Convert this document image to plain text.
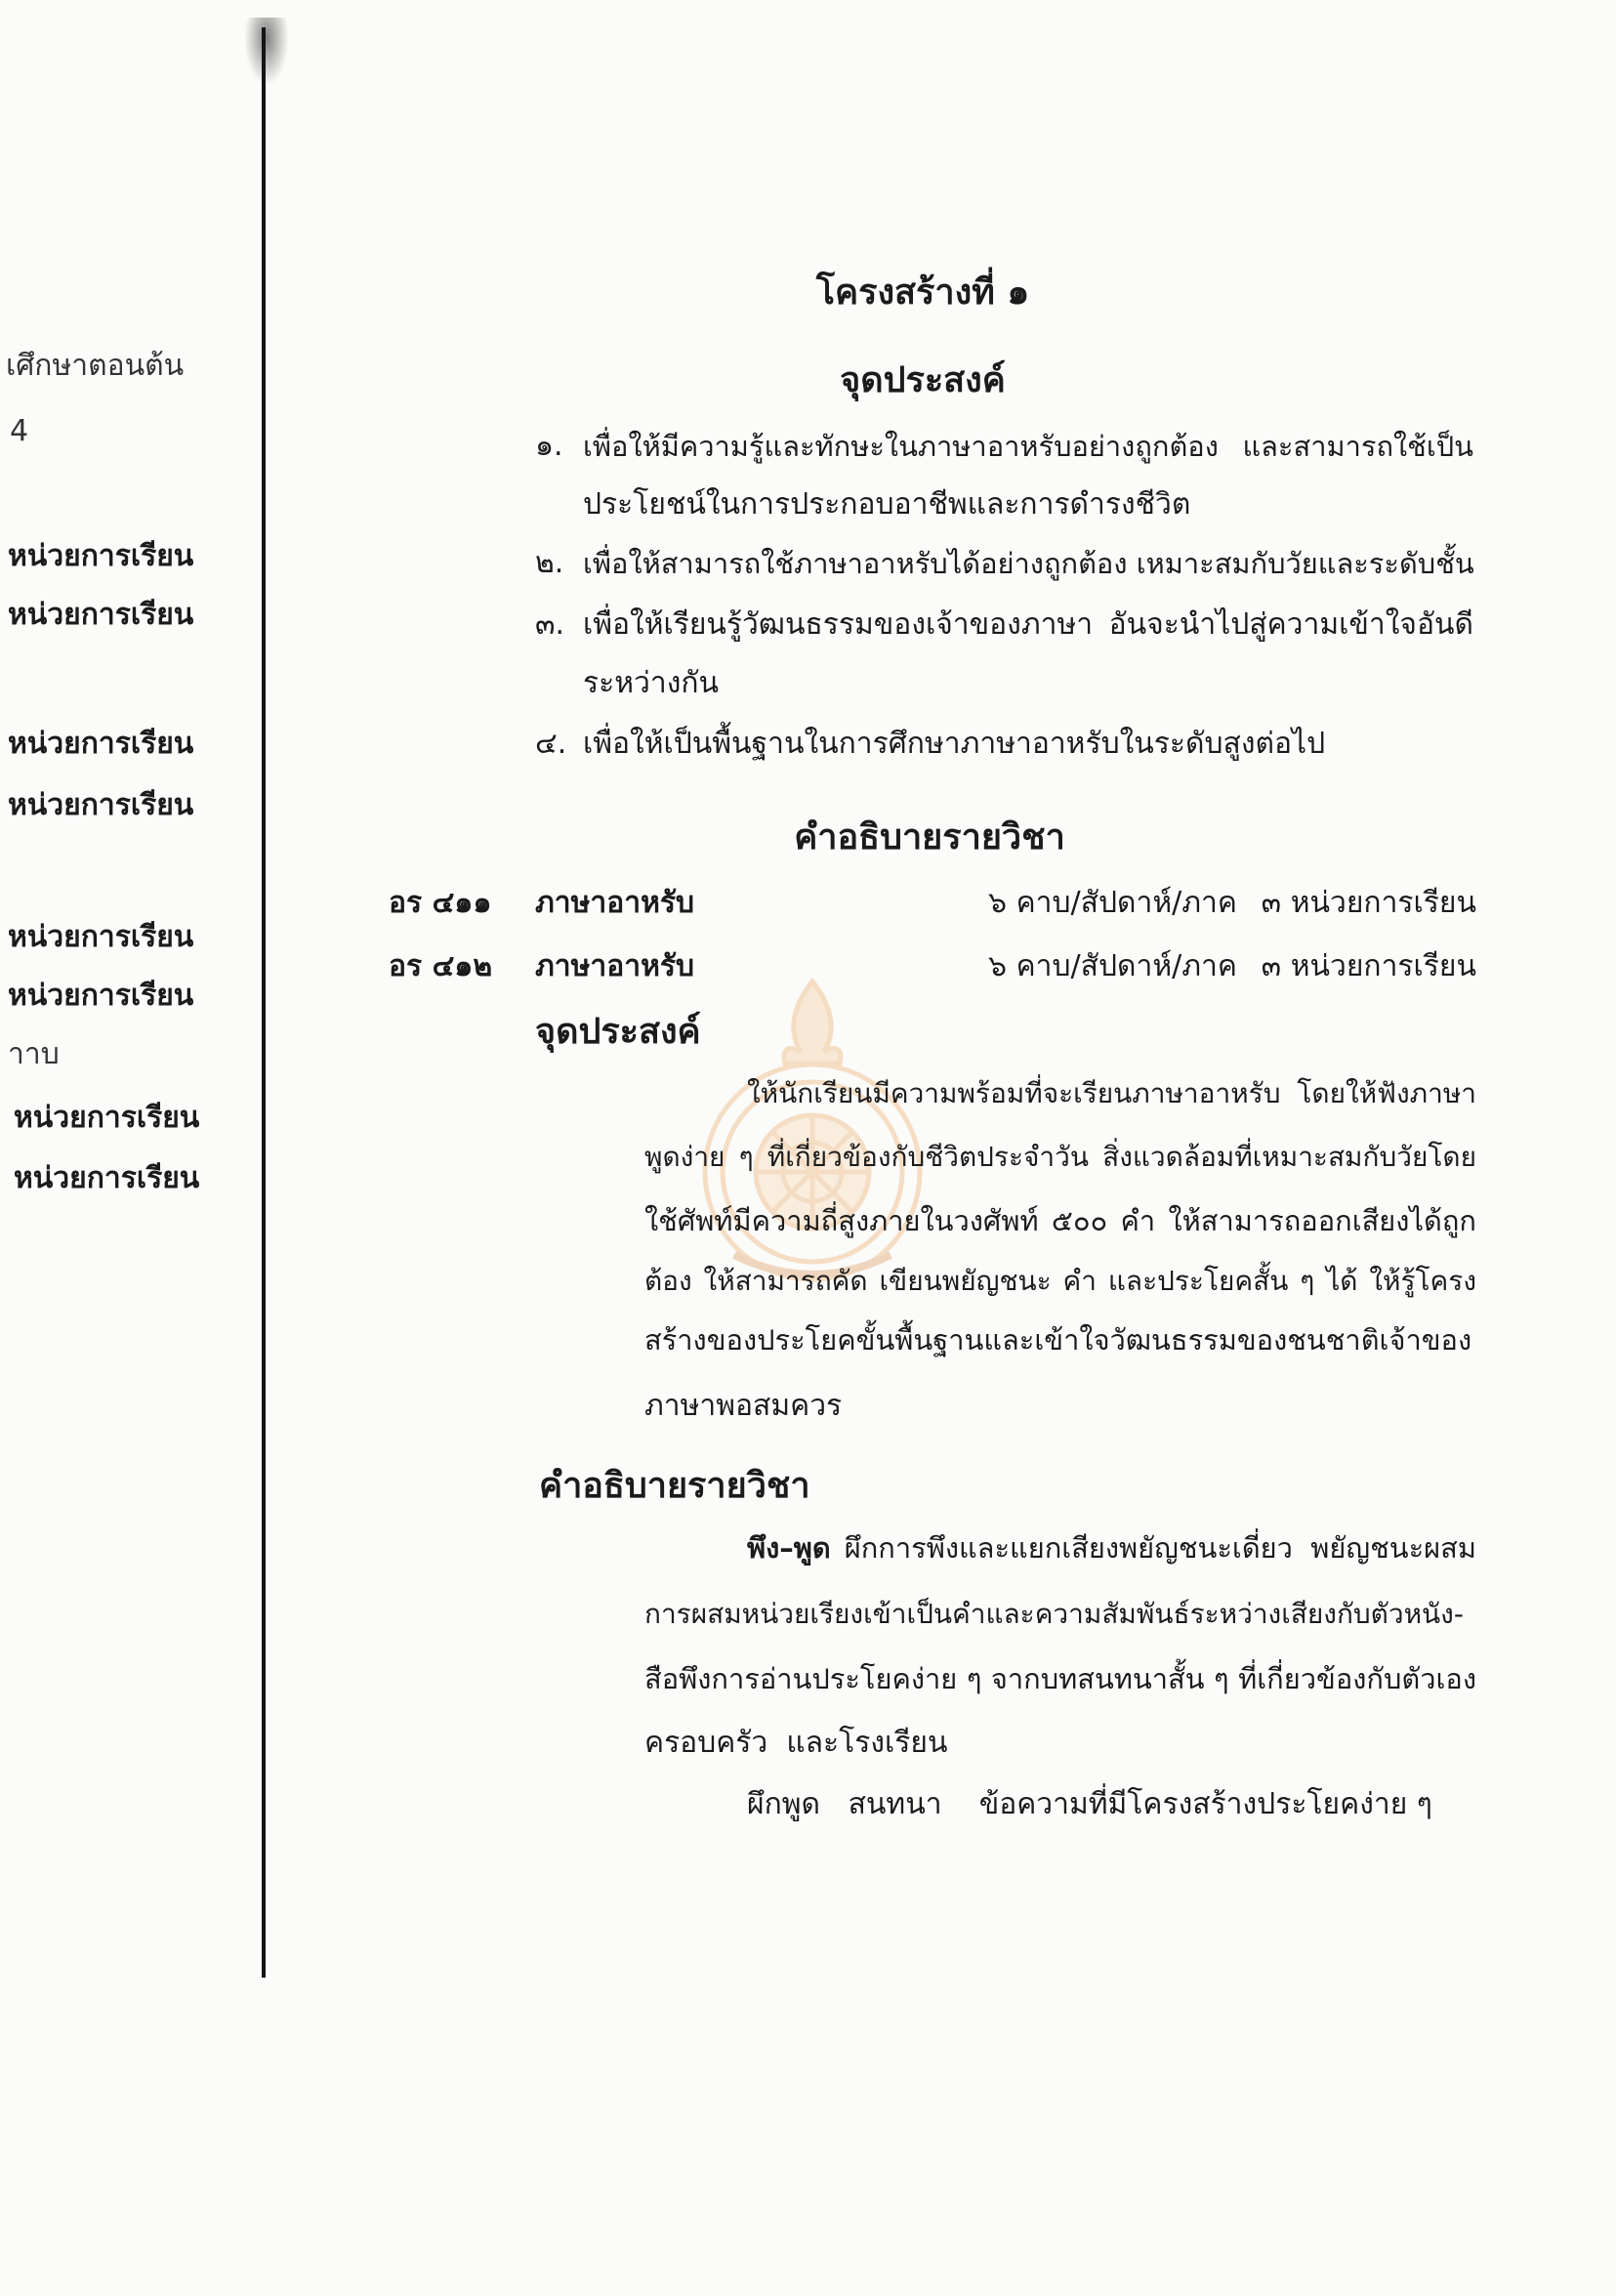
เศึกษาตอนต้น
4
หน่วยการเรียน
หน่วยการเรียน
หน่วยการเรียน
หน่วยการเรียน
หน่วยการเรียน
หน่วยการเรียน
าาบ
หน่วยการเรียน
หน่วยการเรียน
โครงสร้างที่ ๑
จุดประสงค์
๑. เพื่อให้มีความรู้และทักษะในภาษาอาหรับอย่างถูกต้อง และสามารถใช้เป็น
ประโยชน์ในการประกอบอาชีพและการดำรงชีวิต
๒. เพื่อให้สามารถใช้ภาษาอาหรับได้อย่างถูกต้อง เหมาะสมกับวัยและระดับชั้น
๓. เพื่อให้เรียนรู้วัฒนธรรมของเจ้าของภาษา อันจะนำไปสู่ความเข้าใจอันดี
ระหว่างกัน
๔. เพื่อให้เป็นพื้นฐานในการศึกษาภาษาอาหรับในระดับสูงต่อไป
คำอธิบายรายวิชา
อร ๔๑๑ ภาษาอาหรับ	๖ คาบ/สัปดาห์/ภาค ๓ หน่วยการเรียน
อร ๔๑๒ ภาษาอาหรับ	๖ คาบ/สัปดาห์/ภาค ๓ หน่วยการเรียน
จุดประสงค์
ให้นักเรียนมีความพร้อมที่จะเรียนภาษาอาหรับ โดยให้ฟังภาษา
พูดง่าย ๆ ที่เกี่ยวข้องกับชีวิตประจำวัน สิ่งแวดล้อมที่เหมาะสมกับวัยโดย
ใช้ศัพท์มีความถี่สูงภายในวงศัพท์ ๕๐๐ คำ ให้สามารถออกเสียงได้ถูก
ต้อง ให้สามารถคัด เขียนพยัญชนะ คำ และประโยคสั้น ๆ ได้ ให้รู้โครง
สร้างของประโยคขั้นพื้นฐานและเข้าใจวัฒนธรรมของชนชาติเจ้าของ
ภาษาพอสมควร
คำอธิบายรายวิชา
พึง–พูด ผึกการพึงและแยกเสียงพยัญชนะเดี่ยว พยัญชนะผสม
การผสมหน่วยเรียงเข้าเป็นคำและความสัมพันธ์ระหว่างเสียงกับตัวหนัง-
สือพึงการอ่านประโยคง่าย ๆ จากบทสนทนาสั้น ๆ ที่เกี่ยวข้องกับตัวเอง
ครอบครัว  และโรงเรียน
ผึกพูด   สนทนา    ข้อความที่มีโครงสร้างประโยคง่าย ๆ
